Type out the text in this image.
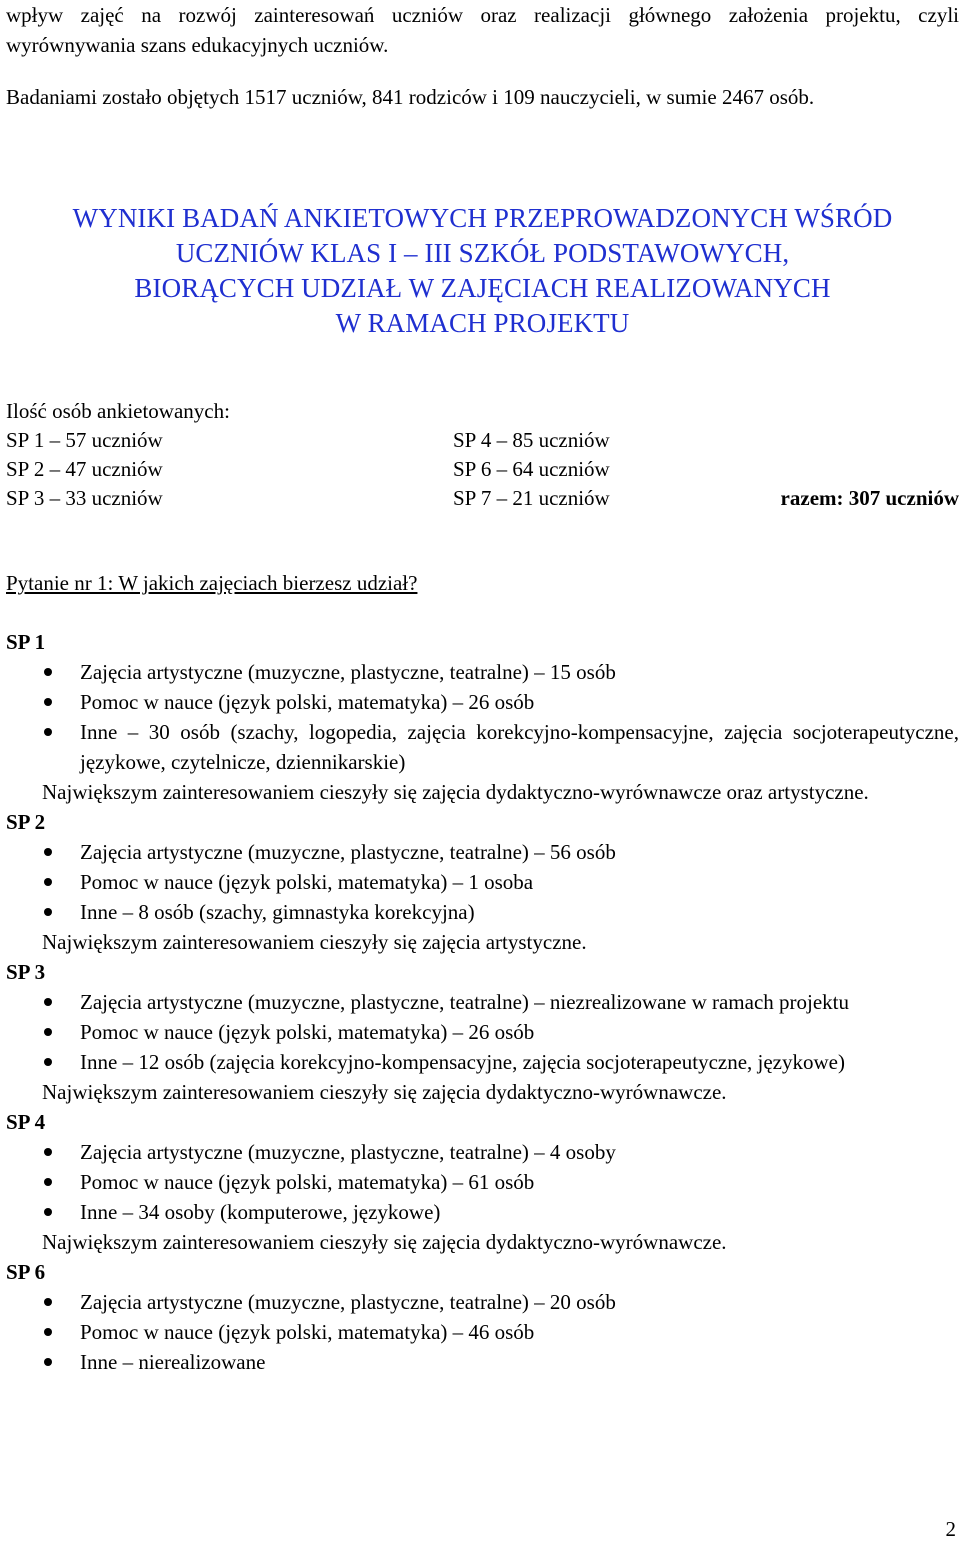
wpływ zajęć na rozwój zainteresowań uczniów oraz realizacji głównego założenia projektu, czyli wyrównywania szans edukacyjnych uczniów.

Badaniami zostało objętych 1517 uczniów, 841 rodziców i 109 nauczycieli, w sumie 2467 osób.

WYNIKI BADAŃ ANKIETOWYCH PRZEPROWADZONYCH WŚRÓD
UCZNIÓW KLAS I – III SZKÓŁ PODSTAWOWYCH,
BIORĄCYCH UDZIAŁ W ZAJĘCIACH REALIZOWANYCH
W RAMACH PROJEKTU
Ilość osób ankietowanych:
SP 1 – 57 uczniów	SP 4 – 85 uczniów
SP 2 – 47 uczniów	SP 6 – 64 uczniów
SP 3 – 33 uczniów	SP 7 – 21 uczniów	razem: 307 uczniów
Pytanie nr 1: W jakich zajęciach bierzesz udział?
SP 1
Zajęcia artystyczne (muzyczne, plastyczne, teatralne) – 15 osób
Pomoc w nauce (język polski, matematyka) – 26 osób
Inne – 30 osób (szachy, logopedia, zajęcia korekcyjno-kompensacyjne, zajęcia socjoterapeutyczne, językowe, czytelnicze, dziennikarskie)
Największym zainteresowaniem cieszyły się zajęcia dydaktyczno-wyrównawcze oraz artystyczne.
SP 2
Zajęcia artystyczne (muzyczne, plastyczne, teatralne) – 56 osób
Pomoc w nauce (język polski, matematyka) – 1 osoba
Inne – 8 osób (szachy, gimnastyka korekcyjna)
Największym zainteresowaniem cieszyły się zajęcia artystyczne.
SP 3
Zajęcia artystyczne (muzyczne, plastyczne, teatralne) – niezrealizowane w ramach projektu
Pomoc w nauce (język polski, matematyka) – 26 osób
Inne – 12 osób (zajęcia korekcyjno-kompensacyjne, zajęcia socjoterapeutyczne, językowe)
Największym zainteresowaniem cieszyły się zajęcia dydaktyczno-wyrównawcze.
SP 4
Zajęcia artystyczne (muzyczne, plastyczne, teatralne) – 4 osoby
Pomoc w nauce (język polski, matematyka) – 61 osób
Inne – 34 osoby (komputerowe, językowe)
Największym zainteresowaniem cieszyły się zajęcia dydaktyczno-wyrównawcze.
SP 6
Zajęcia artystyczne (muzyczne, plastyczne, teatralne) – 20 osób
Pomoc w nauce (język polski, matematyka) – 46 osób
Inne – nierealizowane
2
